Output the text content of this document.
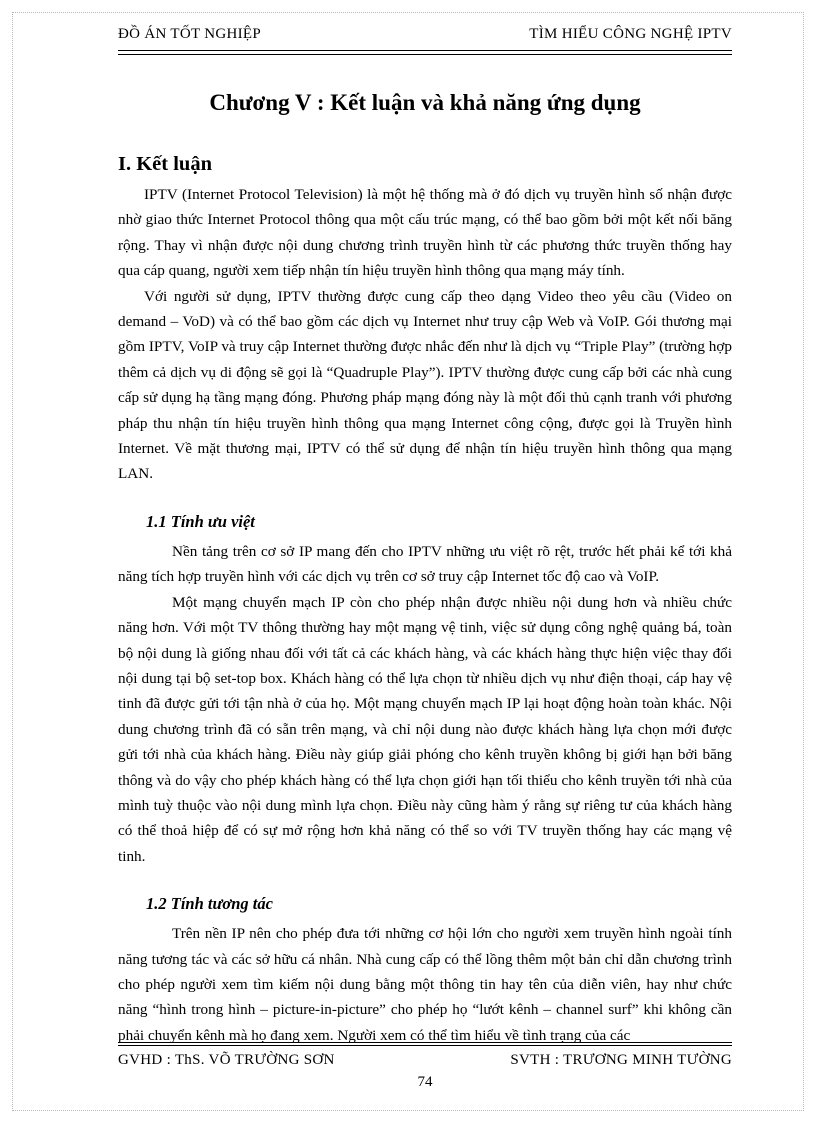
ĐỒ ÁN TỐT NGHIỆP	TÌM HIỂU CÔNG NGHỆ IPTV
Chương V : Kết luận và khả năng ứng dụng
I. Kết luận

IPTV (Internet Protocol Television) là một hệ thống mà ở đó dịch vụ truyền hình số nhận được nhờ giao thức Internet Protocol thông qua một cấu trúc mạng, có thể bao gồm bởi một kết nối băng rộng. Thay vì nhận được nội dung chương trình truyền hình từ các phương thức truyền thống hay qua cáp quang, người xem tiếp nhận tín hiệu truyền hình thông qua mạng máy tính.

Với người sử dụng, IPTV thường được cung cấp theo dạng Video theo yêu cầu (Video on demand – VoD) và có thể bao gồm các dịch vụ Internet như truy cập Web và VoIP. Gói thương mại gồm IPTV, VoIP và truy cập Internet thường được nhắc đến như là dịch vụ “Triple Play” (trường hợp thêm cả dịch vụ di động sẽ gọi là “Quadruple Play”). IPTV thường được cung cấp bởi các nhà cung cấp sử dụng hạ tầng mạng đóng. Phương pháp mạng đóng này là một đối thủ cạnh tranh với phương pháp thu nhận tín hiệu truyền hình thông qua mạng Internet công cộng, được gọi là Truyền hình Internet. Về mặt thương mại, IPTV có thể sử dụng để nhận tín hiệu truyền hình thông qua mạng LAN.

1.1 Tính ưu việt

Nền tảng trên cơ sở IP mang đến cho IPTV những ưu việt rõ rệt, trước hết phải kể tới khả năng tích hợp truyền hình với các dịch vụ trên cơ sở truy cập Internet tốc độ cao và VoIP.

Một mạng chuyển mạch IP còn cho phép nhận được nhiều nội dung hơn và nhiều chức năng hơn. Với một TV thông thường hay một mạng vệ tinh, việc sử dụng công nghệ quảng bá, toàn bộ nội dung là giống nhau đối với tất cả các khách hàng, và các khách hàng thực hiện việc thay đổi nội dung tại bộ set-top box. Khách hàng có thể lựa chọn từ nhiều dịch vụ như điện thoại, cáp hay vệ tinh đã được gửi tới tận nhà ở của họ. Một mạng chuyển mạch IP lại hoạt động hoàn toàn khác. Nội dung chương trình đã có sẵn trên mạng, và chỉ nội dung nào được khách hàng lựa chọn mới được gửi tới nhà của khách hàng. Điều này giúp giải phóng cho kênh truyền không bị giới hạn bởi băng thông và do vậy cho phép khách hàng có thể lựa chọn giới hạn tối thiểu cho kênh truyền tới nhà của mình tuỳ thuộc vào nội dung mình lựa chọn. Điều này cũng hàm ý rằng sự riêng tư của khách hàng có thể thoả hiệp để có sự mở rộng hơn khả năng có thể so với TV truyền thống hay các mạng vệ tinh.

1.2 Tính tương tác

Trên nền IP nên cho phép đưa tới những cơ hội lớn cho người xem truyền hình ngoài tính năng tương tác và các sở hữu cá nhân. Nhà cung cấp có thể lồng thêm một bản chỉ dẫn chương trình cho phép người xem tìm kiếm nội dung bằng một thông tin hay tên của diễn viên, hay như chức năng “hình trong hình – picture-in-picture” cho phép họ “lướt kênh – channel surf” khi không cần phải chuyển kênh mà họ đang xem. Người xem có thể tìm hiểu về tình trạng của các

GVHD : ThS. VÕ TRƯỜNG SƠN	SVTH : TRƯƠNG MINH TƯỜNG
74
